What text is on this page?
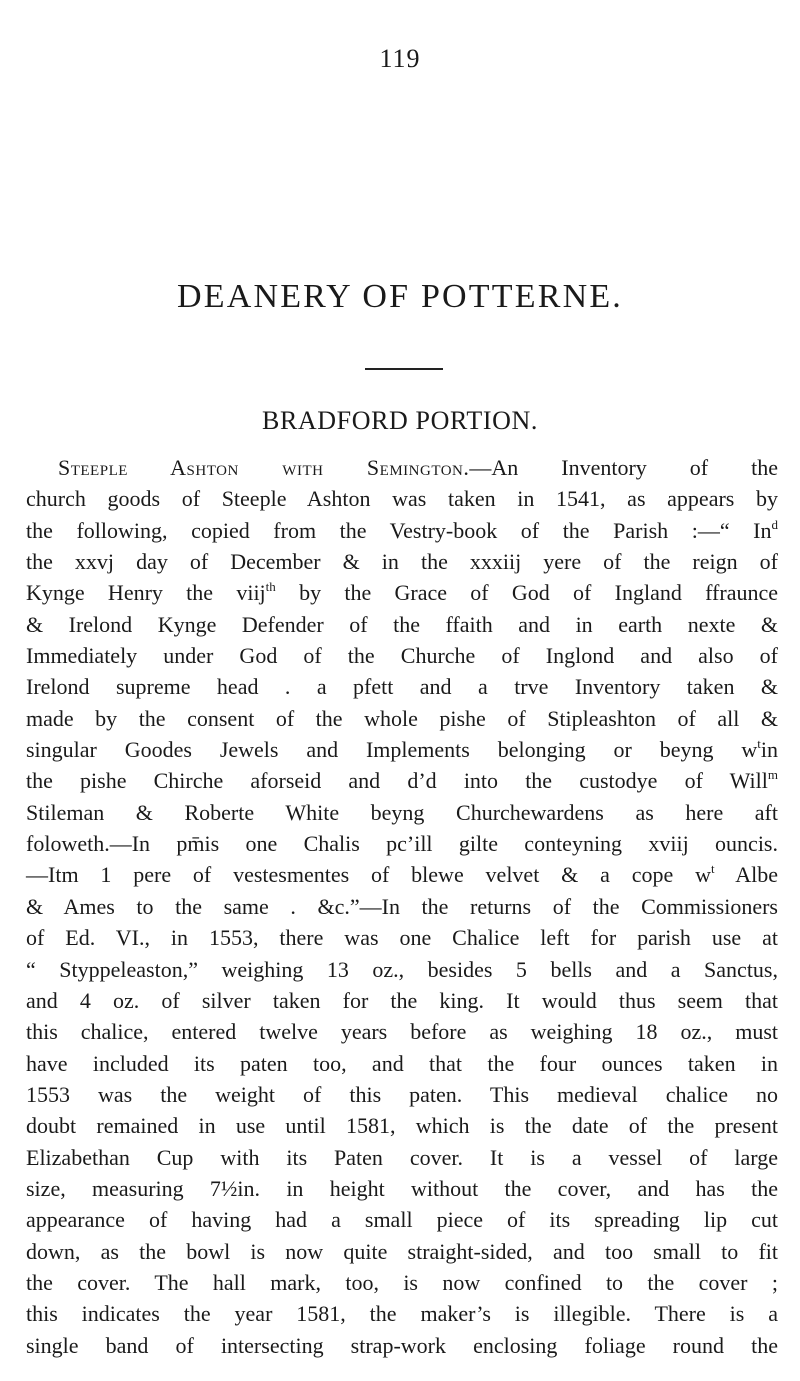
119
DEANERY OF POTTERNE.
BRADFORD PORTION.
Steeple Ashton with Semington.—An Inventory of the
church goods of Steeple Ashton was taken in 1541, as appears by
the following, copied from the Vestry-book of the Parish :—“ In$^d$
the xxvj day of December & in the xxxiij yere of the reign of
Kynge Henry the viij$^{th}$ by the Grace of God of Ingland ffraunce
& Irelond Kynge Defender of the ffaith and in earth nexte &
Immediately under God of the Churche of Inglond and also of
Irelond supreme head . a pfett and a trve Inventory taken &
made by the consent of the whole pishe of Stipleashton of all &
singular Goodes Jewels and Implements belonging or beyng $w^tin$
the pishe Chirche aforseid and d’d into the custodye of Will$^m$
Stileman & Roberte White beyng Churchewardens as here aft
foloweth.—In pm̄is one Chalis pc’ill gilte conteyning xviij ouncis.
—Itm 1 pere of vestesmentes of blewe velvet & a cope $w^t$ Albe
& Ames to the same . &c.”—In the returns of the Commissioners
of Ed. VI., in 1553, there was one Chalice left for parish use at
“ Styppeleaston,” weighing 13 oz., besides 5 bells and a Sanctus,
and 4 oz. of silver taken for the king. It would thus seem that
this chalice, entered twelve years before as weighing 18 oz., must
have included its paten too, and that the four ounces taken in
1553 was the weight of this paten. This medieval chalice no
doubt remained in use until 1581, which is the date of the present
Elizabethan Cup with its Paten cover. It is a vessel of large
size, measuring 7½in. in height without the cover, and has the
appearance of having had a small piece of its spreading lip cut
down, as the bowl is now quite straight-sided, and too small to fit
the cover. The hall mark, too, is now confined to the cover ;
this indicates the year 1581, the maker’s is illegible. There is a
single band of intersecting strap-work enclosing foliage round the
